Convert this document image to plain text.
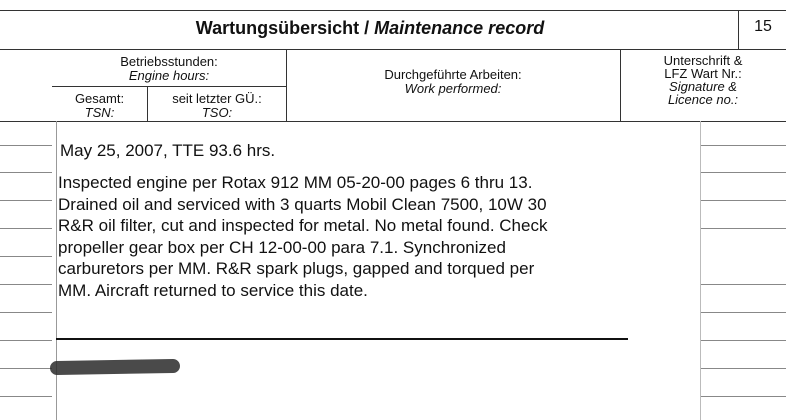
Wartungsübersicht / Maintenance record	15
Betriebsstunden:
Engine hours:
Gesamt:
TSN:
seit letzter GÜ.:
TSO:
Durchgeführte Arbeiten:
Work performed:
Unterschrift &
LFZ Wart Nr.:
Signature &
Licence no.:
May 25, 2007, TTE 93.6 hrs.
Inspected engine per Rotax 912 MM 05-20-00 pages 6 thru 13.
Drained oil and serviced with 3 quarts Mobil Clean 7500, 10W 30
R&R oil filter, cut and inspected for metal. No metal found. Check
propeller gear box per CH 12-00-00 para 7.1. Synchronized
carburetors per MM. R&R spark plugs, gapped and torqued per
MM. Aircraft returned to service this date.
